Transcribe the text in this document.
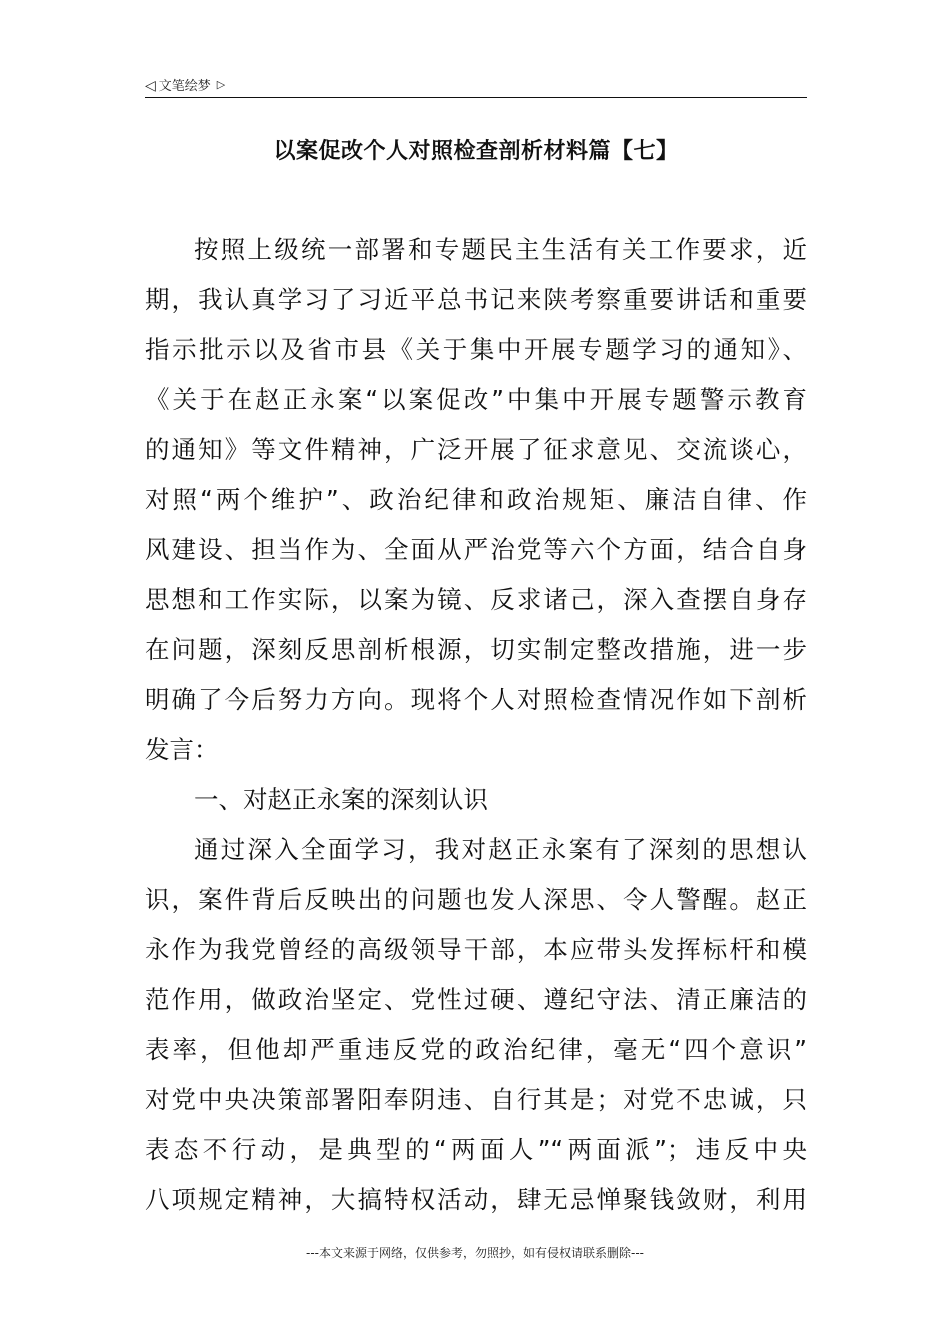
◁ 文笔绘梦 ▷
以案促改个人对照检查剖析材料篇【七】
按照上级统一部署和专题民主生活有关工作要求，近
期，我认真学习了习近平总书记来陕考察重要讲话和重要
指示批示以及省市县《关于集中开展专题学习的通知》、
《关于在赵正永案“以案促改”中集中开展专题警示教育
的通知》等文件精神，广泛开展了征求意见、交流谈心，
对照“两个维护”、政治纪律和政治规矩、廉洁自律、作
风建设、担当作为、全面从严治党等六个方面，结合自身
思想和工作实际，以案为镜、反求诸己，深入查摆自身存
在问题，深刻反思剖析根源，切实制定整改措施，进一步
明确了今后努力方向。现将个人对照检查情况作如下剖析
发言：
一、对赵正永案的深刻认识
通过深入全面学习，我对赵正永案有了深刻的思想认
识，案件背后反映出的问题也发人深思、令人警醒。赵正
永作为我党曾经的高级领导干部，本应带头发挥标杆和模
范作用，做政治坚定、党性过硬、遵纪守法、清正廉洁的
表率，但他却严重违反党的政治纪律，毫无“四个意识”
对党中央决策部署阳奉阴违、自行其是；对党不忠诚，只
表态不行动，是典型的“两面人”“两面派”；违反中央
八项规定精神，大搞特权活动，肆无忌惮聚钱敛财，利用
---本文来源于网络，仅供参考，勿照抄，如有侵权请联系删除---
